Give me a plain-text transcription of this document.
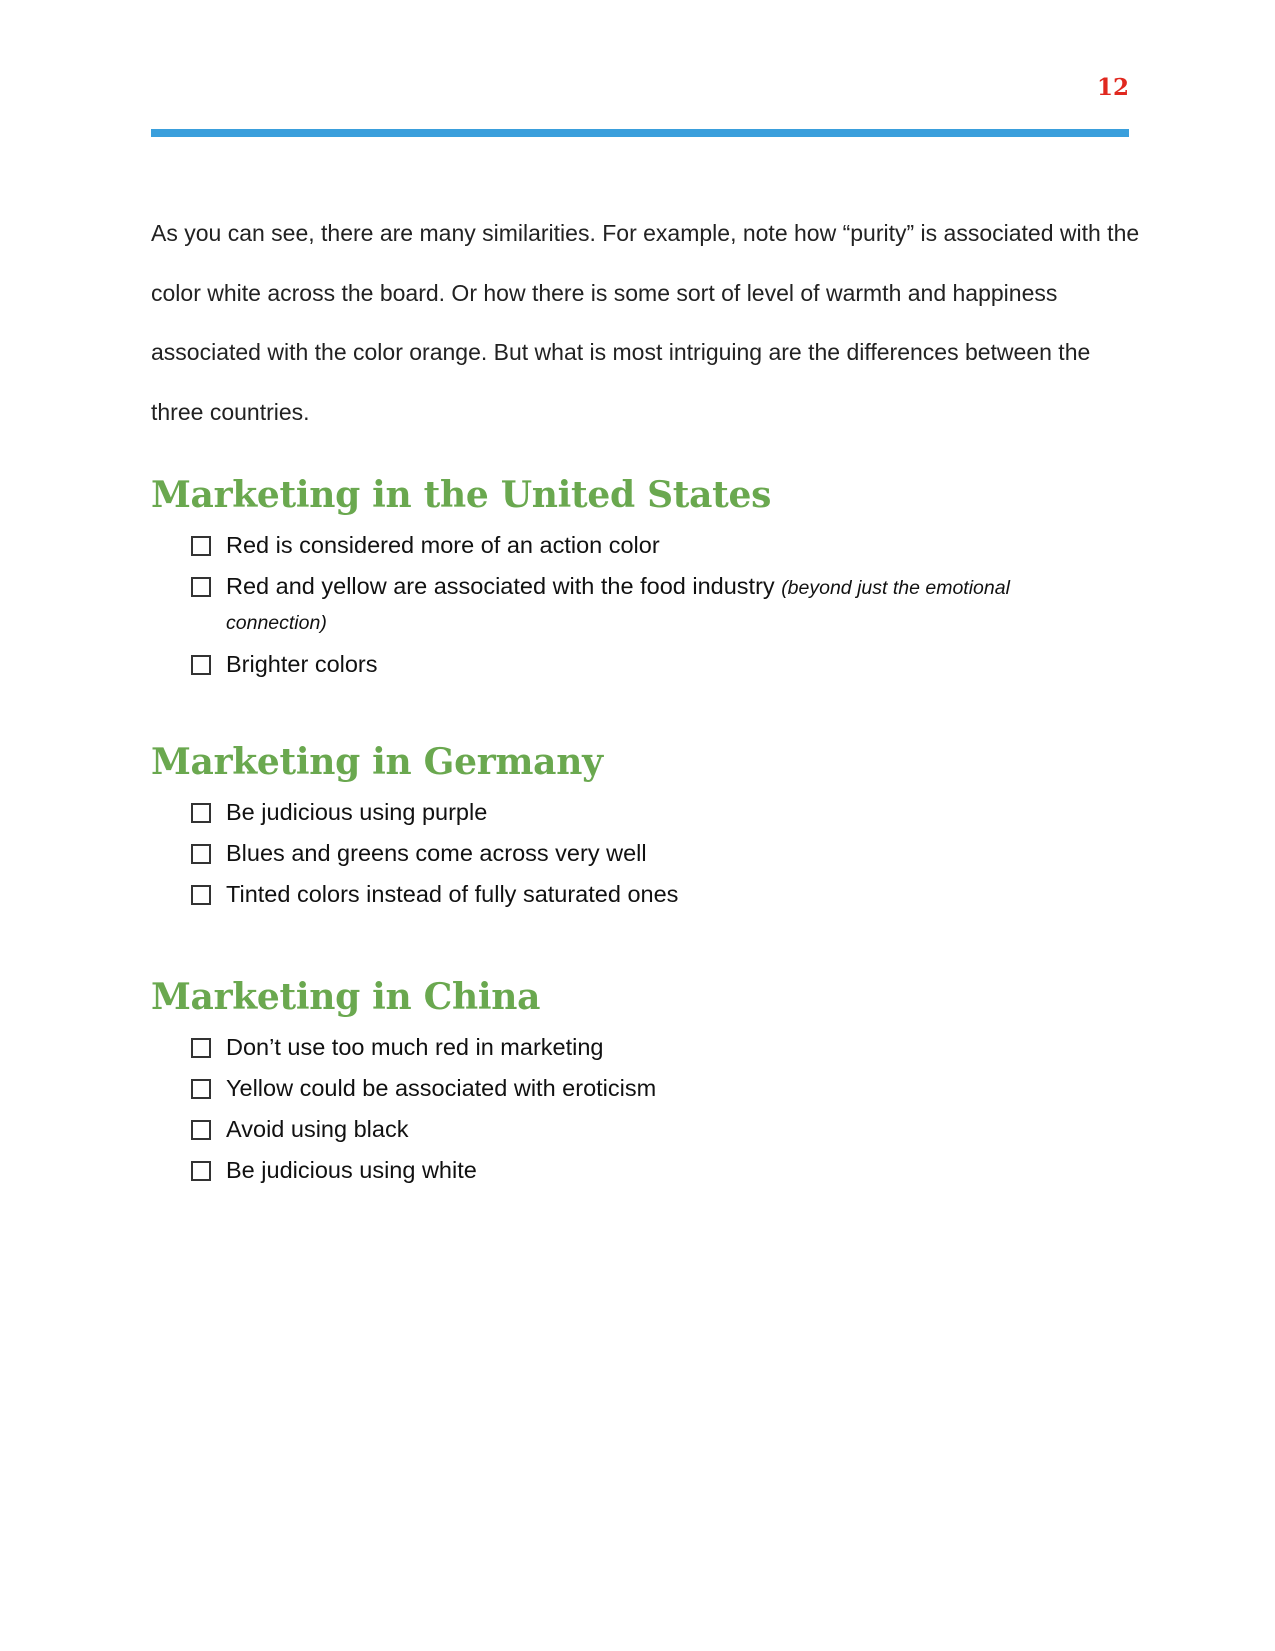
12

As you can see, there are many similarities. For example, note how “purity” is associated with the color white across the board. Or how there is some sort of level of warmth and happiness associated with the color orange. But what is most intriguing are the differences between the three countries.

Marketing in the United States
Red is considered more of an action color
Red and yellow are associated with the food industry (beyond just the emotional connection)
Brighter colors
Marketing in Germany
Be judicious using purple
Blues and greens come across very well
Tinted colors instead of fully saturated ones
Marketing in China
Don’t use too much red in marketing
Yellow could be associated with eroticism
Avoid using black
Be judicious using white
